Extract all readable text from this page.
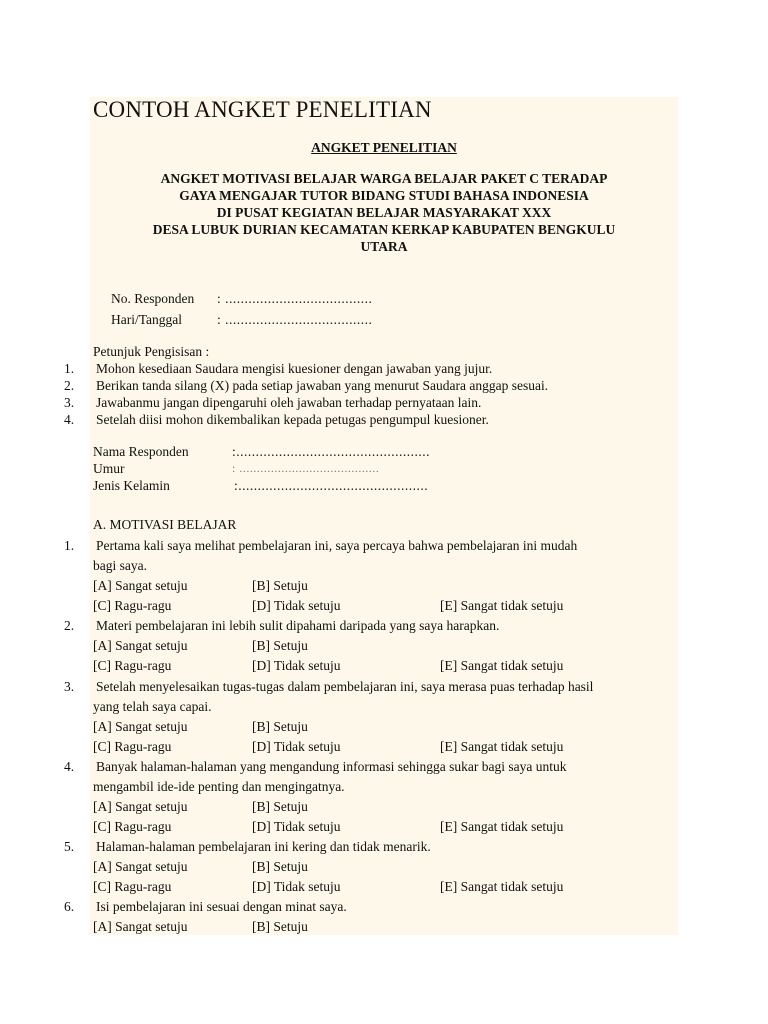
CONTOH ANGKET PENELITIAN
ANGKET PENELITIAN
ANGKET MOTIVASI BELAJAR WARGA BELAJAR PAKET C TERADAP
GAYA MENGAJAR TUTOR BIDANG STUDI BAHASA INDONESIA
DI PUSAT KEGIATAN BELAJAR MASYARAKAT XXX
DESA LUBUK DURIAN KECAMATAN KERKAP KABUPATEN BENGKULU
UTARA
No. Responden : ......................................
Hari/Tanggal	: ......................................
Petunjuk Pengisisan :
1. Mohon kesediaan Saudara mengisi kuesioner dengan jawaban yang jujur.
2. Berikan tanda silang (X) pada setiap jawaban yang menurut Saudara anggap sesuai.
3. Jawabanmu jangan dipengaruhi oleh jawaban terhadap pernyataan lain.
4. Setelah diisi mohon dikembalikan kepada petugas pengumpul kuesioner.
Nama Responden	:..................................................
Umur	: ........................................
Jenis Kelamin	:.................................................
A. MOTIVASI BELAJAR
1. Pertama kali saya melihat pembelajaran ini, saya percaya bahwa pembelajaran ini mudah
bagi saya.
[A] Sangat setuju	[B] Setuju
[C] Ragu-ragu	[D] Tidak setuju	[E] Sangat tidak setuju
2. Materi pembelajaran ini lebih sulit dipahami daripada yang saya harapkan.
[A] Sangat setuju	[B] Setuju
[C] Ragu-ragu	[D] Tidak setuju	[E] Sangat tidak setuju
3. Setelah menyelesaikan tugas-tugas dalam pembelajaran ini, saya merasa puas terhadap hasil
yang telah saya capai.
[A] Sangat setuju	[B] Setuju
[C] Ragu-ragu	[D] Tidak setuju	[E] Sangat tidak setuju
4. Banyak halaman-halaman yang mengandung informasi sehingga sukar bagi saya untuk
mengambil ide-ide penting dan mengingatnya.
[A] Sangat setuju	[B] Setuju
[C] Ragu-ragu	[D] Tidak setuju	[E] Sangat tidak setuju
5. Halaman-halaman pembelajaran ini kering dan tidak menarik.
[A] Sangat setuju	[B] Setuju
[C] Ragu-ragu	[D] Tidak setuju	[E] Sangat tidak setuju
6. Isi pembelajaran ini sesuai dengan minat saya.
[A] Sangat setuju	[B] Setuju
